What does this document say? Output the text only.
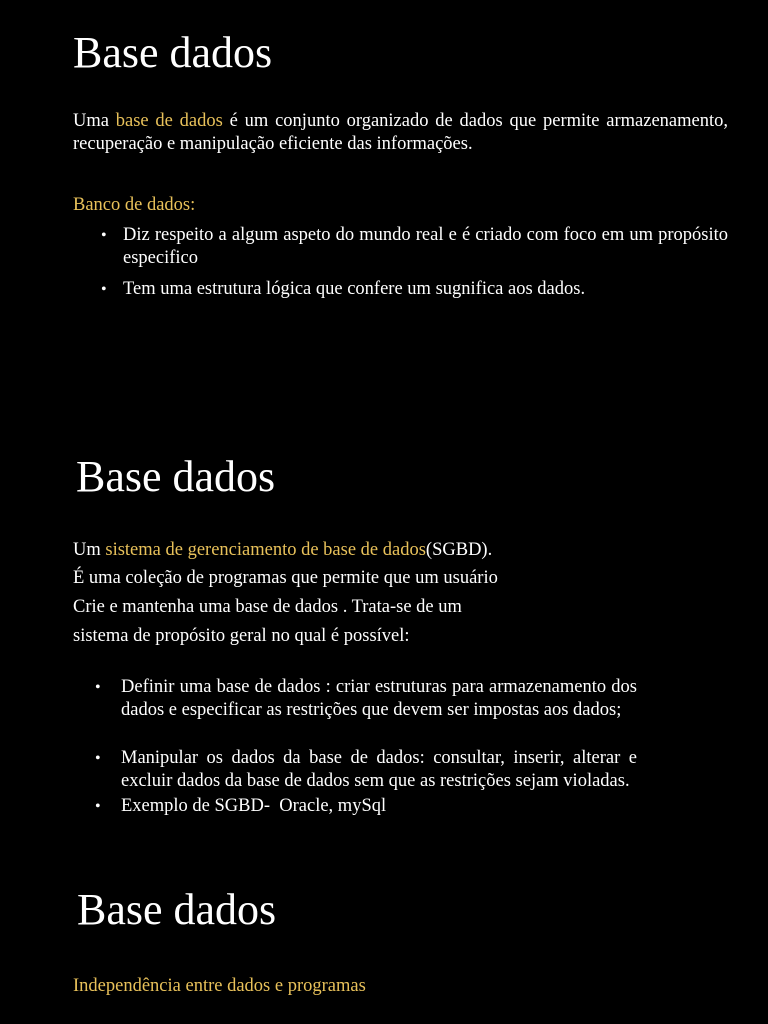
Base dados

Uma base de dados é um conjunto organizado de dados que permite armazenamento, recuperação e manipulação eficiente das informações.

Banco de dados:

• Diz respeito a algum aspeto do mundo real e é criado com foco em um propósito especifico
• Tem uma estrutura lógica que confere um sugnifica aos dados.
Base dados

Um sistema de gerenciamento de base de dados(SGBD).

É uma coleção de programas que permite que um usuário

Crie e mantenha uma base de dados . Trata-se de um

sistema de propósito geral no qual é possível:

• Definir uma base de dados : criar estruturas para armazenamento dos dados e especificar as restrições que devem ser impostas aos dados;
• Manipular os dados da base de dados: consultar, inserir, alterar e excluir dados da base de dados sem que as restrições sejam violadas.
• Exemplo de SGBD-  Oracle, mySql
Base dados

Independência entre dados e programas
